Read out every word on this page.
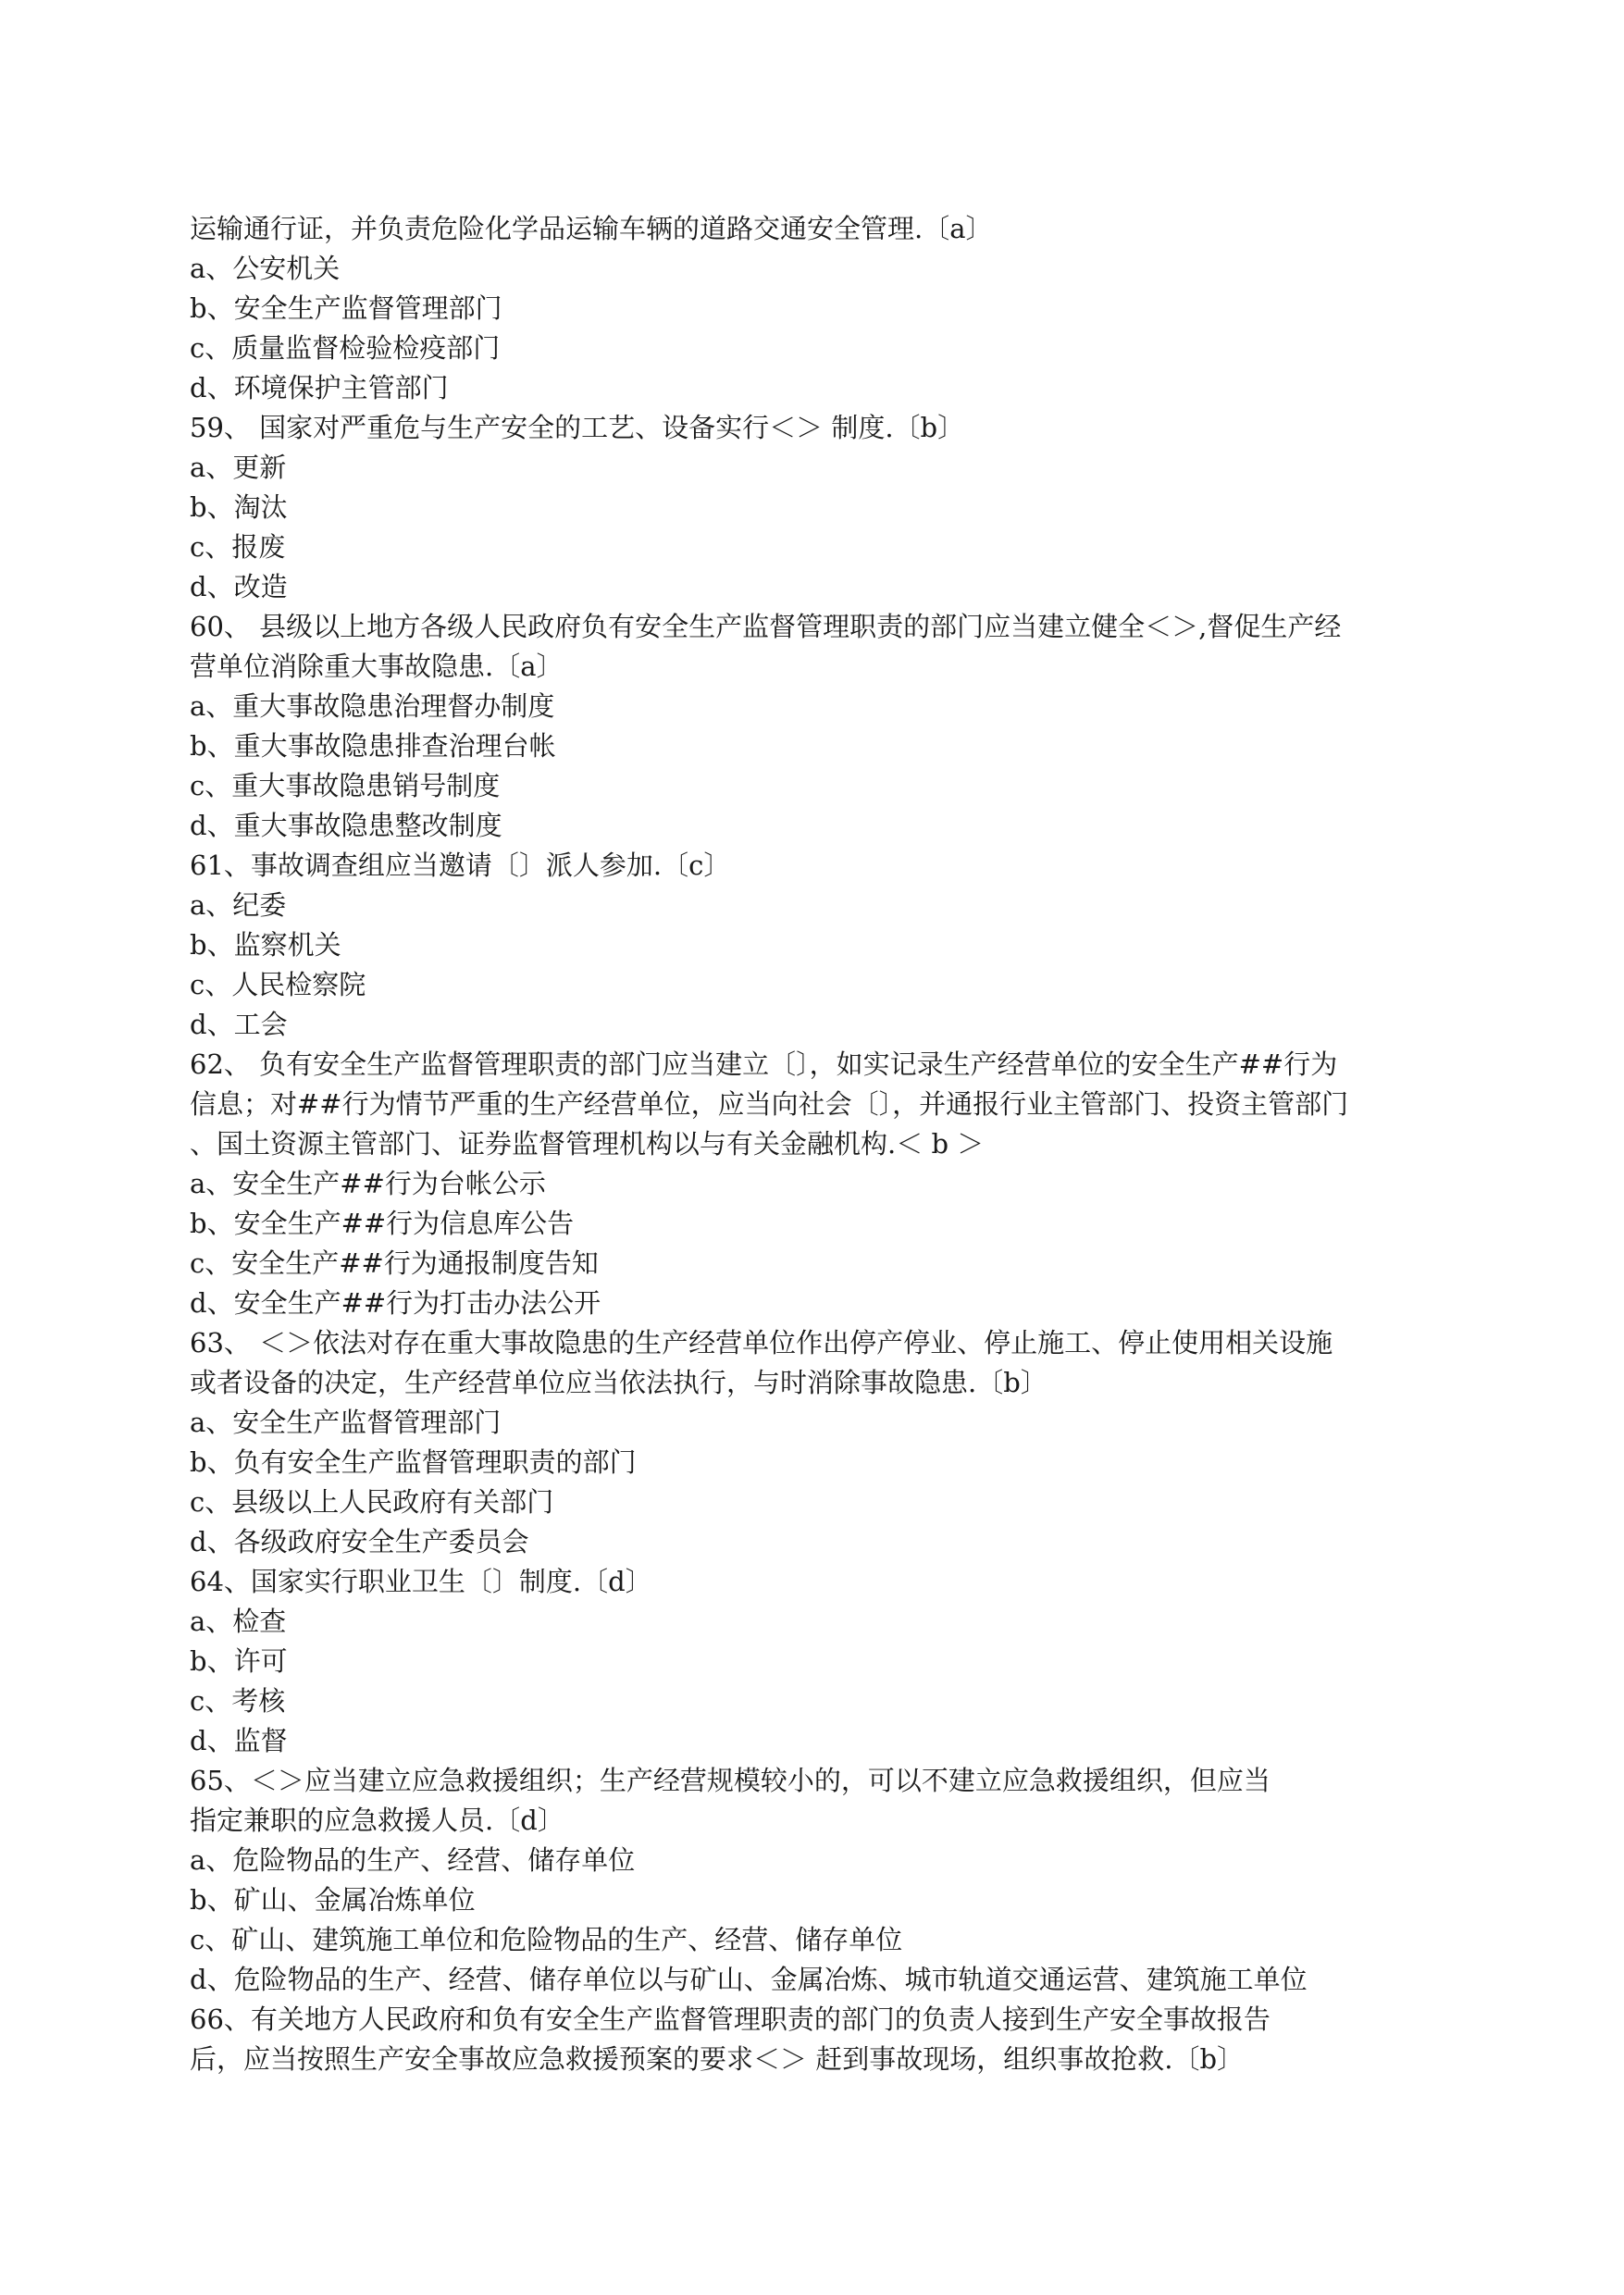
运输通行证，并负责危险化学品运输车辆的道路交通安全管理.〔a〕

a、公安机关

b、安全生产监督管理部门

c、质量监督检验检疫部门

d、环境保护主管部门

59、 国家对严重危与生产安全的工艺、设备实行＜＞ 制度.〔b〕

a、更新

b、淘汰

c、报废

d、改造

60、 县级以上地方各级人民政府负有安全生产监督管理职责的部门应当建立健全＜＞,督促生产经

营单位消除重大事故隐患.〔a〕

a、重大事故隐患治理督办制度

b、重大事故隐患排查治理台帐

c、重大事故隐患销号制度

d、重大事故隐患整改制度

61、事故调查组应当邀请〔〕派人参加.〔c〕

a、纪委

b、监察机关

c、人民检察院

d、工会

62、 负有安全生产监督管理职责的部门应当建立〔〕，如实记录生产经营单位的安全生产##行为

信息；对##行为情节严重的生产经营单位，应当向社会〔〕，并通报行业主管部门、投资主管部门

、国土资源主管部门、证券监督管理机构以与有关金融机构.＜ b ＞

a、安全生产##行为台帐公示

b、安全生产##行为信息库公告

c、安全生产##行为通报制度告知

d、安全生产##行为打击办法公开

63、 ＜＞依法对存在重大事故隐患的生产经营单位作出停产停业、停止施工、停止使用相关设施

或者设备的决定，生产经营单位应当依法执行，与时消除事故隐患.〔b〕

a、安全生产监督管理部门

b、负有安全生产监督管理职责的部门

c、县级以上人民政府有关部门

d、各级政府安全生产委员会

64、国家实行职业卫生〔〕制度.〔d〕

a、检查

b、许可

c、考核

d、监督

65、＜＞应当建立应急救援组织；生产经营规模较小的，可以不建立应急救援组织，但应当

指定兼职的应急救援人员.〔d〕

a、危险物品的生产、经营、储存单位

b、矿山、金属冶炼单位

c、矿山、建筑施工单位和危险物品的生产、经营、储存单位

d、危险物品的生产、经营、储存单位以与矿山、金属冶炼、城市轨道交通运营、建筑施工单位

66、有关地方人民政府和负有安全生产监督管理职责的部门的负责人接到生产安全事故报告

后，应当按照生产安全事故应急救援预案的要求＜＞ 赶到事故现场，组织事故抢救.〔b〕
